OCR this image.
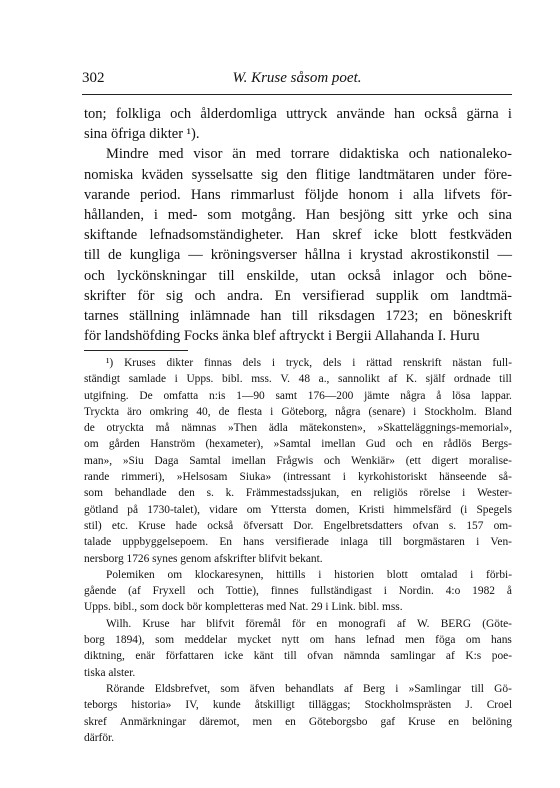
302	W. Kruse såsom poet.
ton; folkliga och ålderdomliga uttryck använde han också gärna i
sina öfriga dikter ¹).
Mindre med visor än med torrare didaktiska och nationaleko-
nomiska kväden sysselsatte sig den flitige landtmätaren under före-
varande period. Hans rimmarlust följde honom i alla lifvets för-
hållanden, i med- som motgång. Han besjöng sitt yrke och sina
skiftande lefnadsomständigheter. Han skref icke blott festkväden
till de kungliga — kröningsverser hållna i krystad akrostikonstil —
och lyckönskningar till enskilde, utan också inlagor och böne-
skrifter för sig och andra. En versifierad supplik om landtmä-
tarnes ställning inlämnade han till riksdagen 1723; en böneskrift
för landshöfding Focks änka blef aftryckt i Bergii Allahanda I. Huru
¹) Kruses dikter finnas dels i tryck, dels i rättad renskrift nästan full-
ständigt samlade i Upps. bibl. mss. V. 48 a., sannolikt af K. själf ordnade till
utgifning. De omfatta n:is 1—90 samt 176—200 jämte några å lösa lappar.
Tryckta äro omkring 40, de flesta i Göteborg, några (senare) i Stockholm. Bland
de otryckta må nämnas »Then ädla mätekonsten», »Skatteläggnings-memorial»,
om gården Hanström (hexameter), »Samtal imellan Gud och en rådlös Bergs-
man», »Siu Daga Samtal imellan Frågwis och Wenkiär» (ett digert moralise-
rande rimmeri), »Helsosam Siuka» (intressant i kyrkohistoriskt hänseende så-
som behandlade den s. k. Främmestadssjukan, en religiös rörelse i Wester-
götland på 1730-talet), vidare om Yttersta domen, Kristi himmelsfärd (i Spegels
stil) etc. Kruse hade också öfversatt Dor. Engelbretsdatters ofvan s. 157 om-
talade uppbyggelsepoem. En hans versifierade inlaga till borgmästaren i Ven-
nersborg 1726 synes genom afskrifter blifvit bekant.
Polemiken om klockaresynen, hittills i historien blott omtalad i förbi-
gående (af Fryxell och Tottie), finnes fullständigast i Nordin. 4:o 1982 å
Upps. bibl., som dock bör kompletteras med Nat. 29 i Link. bibl. mss.
Wilh. Kruse har blifvit föremål för en monografi af W. BERG (Göte-
borg 1894), som meddelar mycket nytt om hans lefnad men föga om hans
diktning, enär författaren icke känt till ofvan nämnda samlingar af K:s poe-
tiska alster.
Rörande Eldsbrefvet, som äfven behandlats af Berg i »Samlingar till Gö-
teborgs historia» IV, kunde åtskilligt tilläggas; Stockholmsprästen J. Croel
skref Anmärkningar däremot, men en Göteborgsbo gaf Kruse en belöning
därför.
